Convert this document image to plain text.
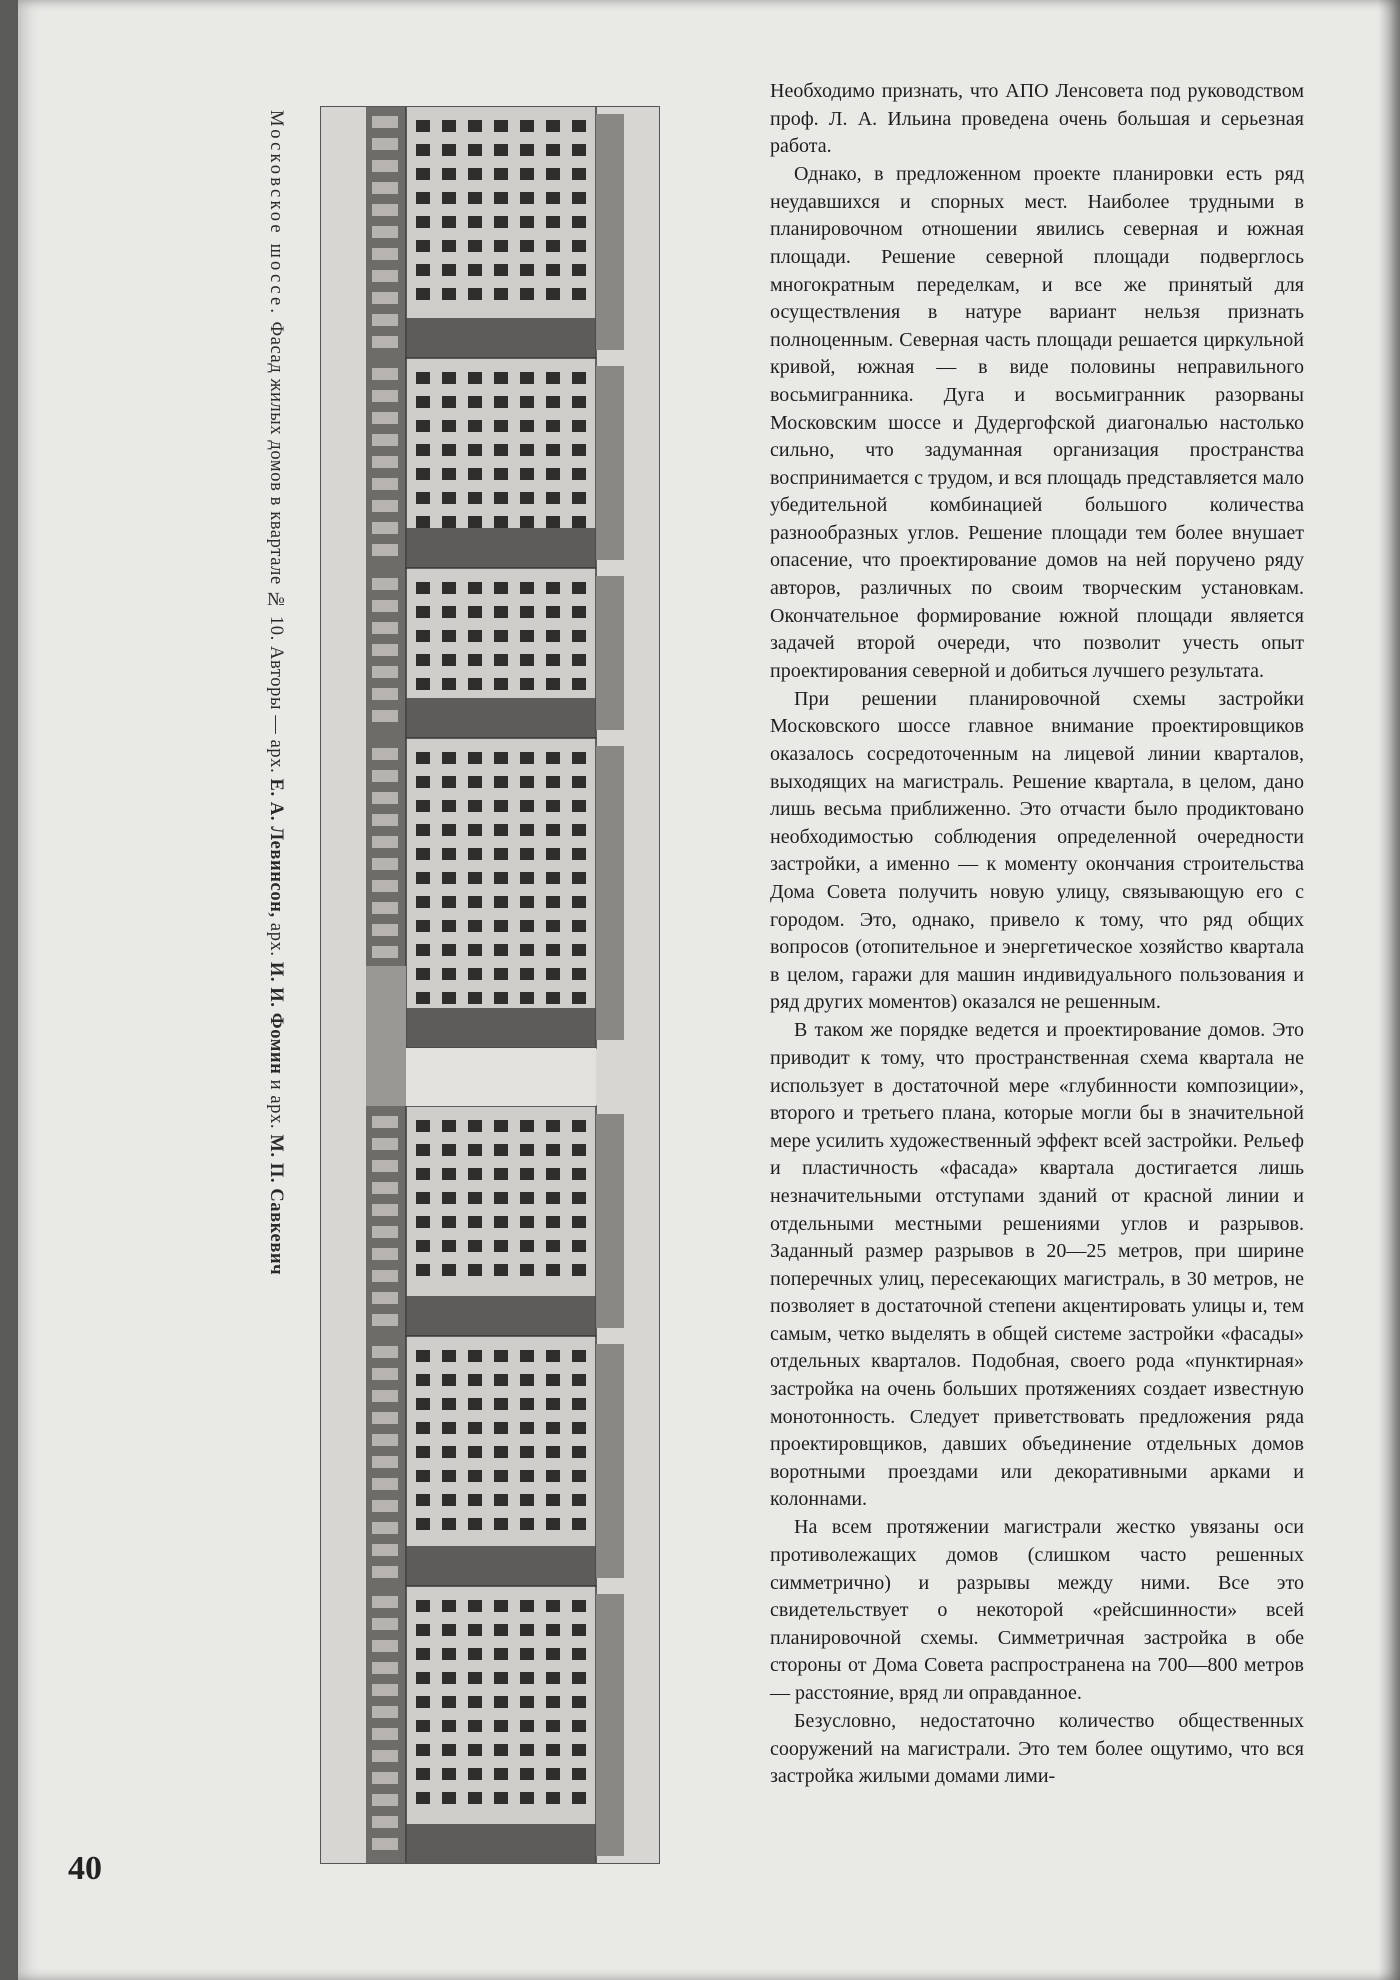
Московское шоссе. Фасад жилых домов в квартале № 10. Авторы — арх. Е. А. Левинсон, арх. И. И. Фомин и арх. М. П. Савкевич

Необходимо признать, что АПО Ленсовета под руководством проф. Л. А. Ильина проведена очень большая и серьезная работа.

Однако, в предложенном проекте планировки есть ряд неудавшихся и спорных мест. Наиболее трудными в планировочном отношении явились северная и южная площади. Решение северной площади подверглось многократным переделкам, и все же принятый для осуществления в натуре вариант нельзя признать полноценным. Северная часть площади решается циркульной кривой, южная — в виде половины неправильного восьмигранника. Дуга и восьмигранник разорваны Московским шоссе и Дудергофской диагональю настолько сильно, что задуманная организация пространства воспринимается с трудом, и вся площадь представляется мало убедительной комбинацией большого количества разнообразных углов. Решение площади тем более внушает опасение, что проектирование домов на ней поручено ряду авторов, различных по своим творческим установкам. Окончательное формирование южной площади является задачей второй очереди, что позволит учесть опыт проектирования северной и добиться лучшего результата.

При решении планировочной схемы застройки Московского шоссе главное внимание проектировщиков оказалось сосредоточенным на лицевой линии кварталов, выходящих на магистраль. Решение квартала, в целом, дано лишь весьма приближенно. Это отчасти было продиктовано необходимостью соблюдения определенной очередности застройки, а именно — к моменту окончания строительства Дома Совета получить новую улицу, связывающую его с городом. Это, однако, привело к тому, что ряд общих вопросов (отопительное и энергетическое хозяйство квартала в целом, гаражи для машин индивидуального пользования и ряд других моментов) оказался не решенным.

В таком же порядке ведется и проектирование домов. Это приводит к тому, что пространственная схема квартала не использует в достаточной мере «глубинности композиции», второго и третьего плана, которые могли бы в значительной мере усилить художественный эффект всей застройки. Рельеф и пластичность «фасада» квартала достигается лишь незначительными отступами зданий от красной линии и отдельными местными решениями углов и разрывов. Заданный размер разрывов в 20—25 метров, при ширине поперечных улиц, пересекающих магистраль, в 30 метров, не позволяет в достаточной степени акцентировать улицы и, тем самым, четко выделять в общей системе застройки «фасады» отдельных кварталов. Подобная, своего рода «пунктирная» застройка на очень больших протяжениях создает известную монотонность. Следует приветствовать предложения ряда проектировщиков, давших объединение отдельных домов воротными проездами или декоративными арками и колоннами.

На всем протяжении магистрали жестко увязаны оси противолежащих домов (слишком часто решенных симметрично) и разрывы между ними. Все это свидетельствует о некоторой «рейсшинности» всей планировочной схемы. Симметричная застройка в обе стороны от Дома Совета распространена на 700—800 метров — расстояние, вряд ли оправданное.

Безусловно, недостаточно количество общественных сооружений на магистрали. Это тем более ощутимо, что вся застройка жилыми домами лими-

40
